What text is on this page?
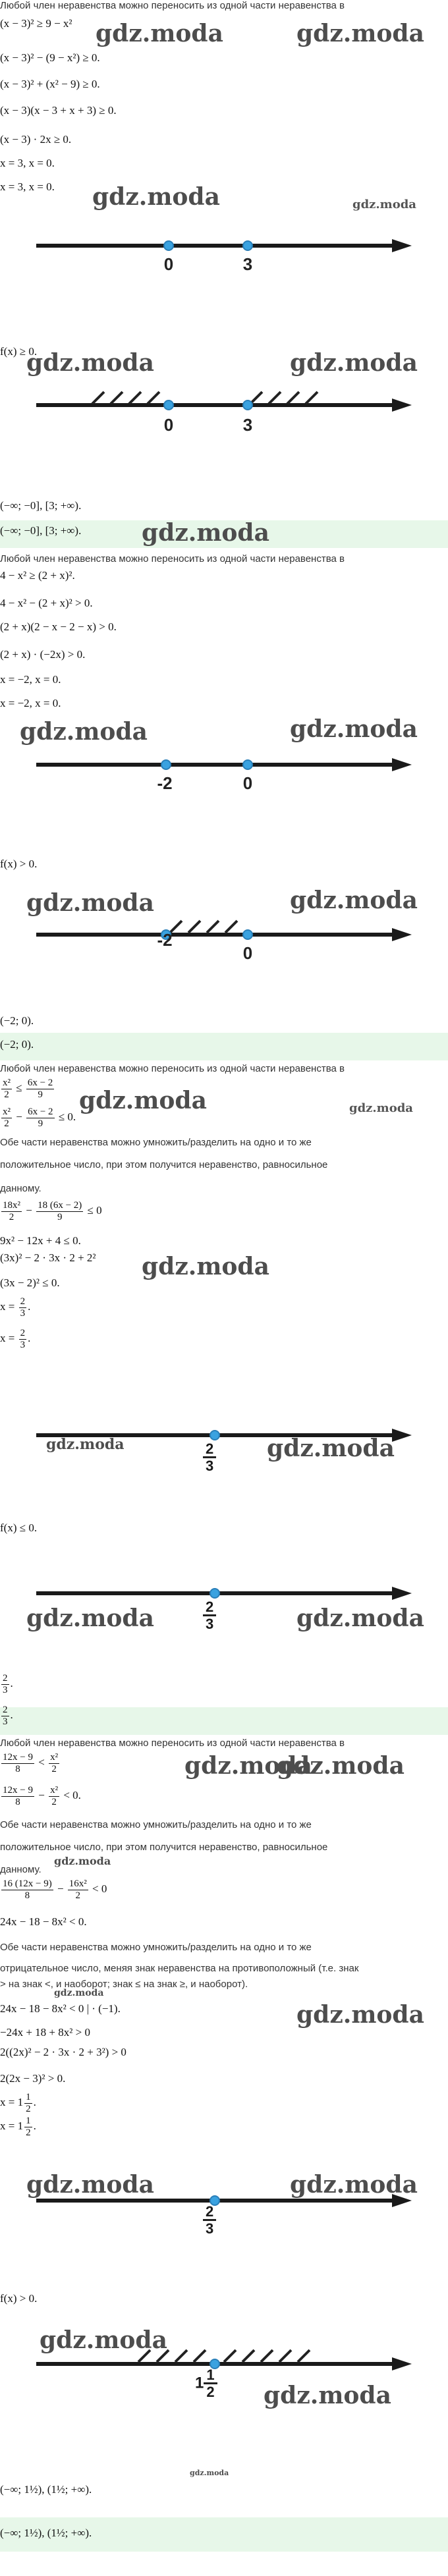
Любой член неравенства можно переносить из одной части неравенства в
(x − 3)² ≥ 9 − x²
(x − 3)² − (9 − x²) ≥ 0.
(x − 3)² + (x² − 9) ≥ 0.
(x − 3)(x − 3 + x + 3) ≥ 0.
(x − 3) · 2x ≥ 0.
x = 3, x = 0.
x = 3, x = 0.
gdz.moda	gdz.moda
gdz.moda	gdz.moda
0	3
f(x) ≥ 0.
gdz.moda	gdz.moda
0	3
(−∞; −0], [3; +∞).
(−∞; −0], [3; +∞).	gdz.moda
Любой член неравенства можно переносить из одной части неравенства в
4 − x² ≥ (2 + x)².
4 − x² − (2 + x)² > 0.
(2 + x)(2 − x − 2 − x) > 0.
(2 + x) · (−2x) > 0.
x = −2, x = 0.
x = −2, x = 0.
gdz.moda	gdz.moda
-2	0
f(x) > 0.
gdz.moda	gdz.moda
-2
0
(−2; 0).
(−2; 0).
Любой член неравенства можно переносить из одной части неравенства в
$\frac{\text{x²}}{2} \le \frac{6x - 2}{9}$
$\frac{\text{x²}}{2} - \frac{6x - 2}{9} \le 0$.
gdz.moda	gdz.moda
Обе части неравенства можно умножить/разделить на одно и то же
положительное число, при этом получится неравенство, равносильное
данному.
$\frac{\text{18x²}}{2} - \frac{18 (6x - 2)}{9} \le 0$
9x² − 12x + 4 ≤ 0.
(3x)² − 2 · 3x · 2 + 2² gdz.moda
(3x − 2)² ≤ 0.
$x = \frac{2}{3}$ .
$x = \frac{2}{3}$ .
$\frac{2}{3}$
gdz.moda	gdz.moda
f(x) ≤ 0.
$\frac{2}{3}$
gdz.moda	gdz.moda
$\frac{2}{3}$ .
$\frac{2}{3}$ .
Любой член неравенства можно переносить из одной части неравенства в
$\frac{12x - 9}{8} < \frac{\text{x²}}{2}$	gdz.moda
gdz.moda
$\frac{12x - 9}{8} - \frac{\text{x²}}{2} < 0$.
Обе части неравенства можно умножить/разделить на одно и то же
положительное число, при этом получится неравенство, равносильное
данному.
gdz.moda
$\frac{16 (12x - 9)}{8} - \frac{\text{16x²}}{2} < 0$
24x − 18 − 8x² < 0.
Обе части неравенства можно умножить/разделить на одно и то же
отрицательное число, меняя знак неравенства на противоположный (т.е. знак
> на знак <, и наоборот; знак ≤ на знак ≥, и наоборот).
gdz.moda
24x − 18 − 8x² < 0 | · (−1).	gdz.moda
−24x + 18 + 8x² > 0
2((2x)² − 2 · 3x · 2 + 3²) > 0
2(2x − 3)² > 0.
$x = 1 \frac{1}{2}$ .
$x = 1 \frac{1}{2}$ .
$\frac{2}{3}$
gdz.moda	gdz.moda
f(x) > 0.
$1 \frac{1}{2}$
gdz.moda
gdz.moda
gdz.moda
(−∞; 1½), (1½; +∞).
(−∞; 1½), (1½; +∞).
